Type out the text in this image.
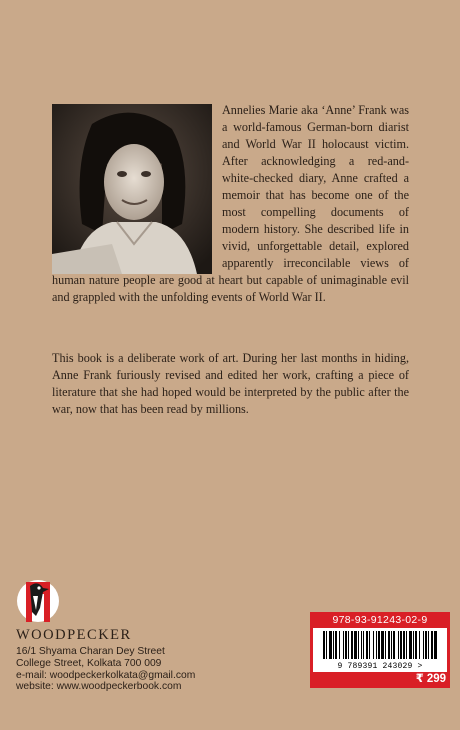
Annelies Marie aka ‘Anne’ Frank was a world-famous German-born diarist and World War II holocaust victim. After acknowledging a red-and-white-checked diary, Anne crafted a memoir that has become one of the most compelling documents of modern history. She described life in vivid, unforgettable detail, explored apparently irreconcilable views of human nature people are good at heart but capable of unimaginable evil and grappled with the unfolding events of World War II.

This book is a deliberate work of art. During her last months in hiding, Anne Frank furiously revised and edited her work, crafting a piece of literature that she had hoped would be interpreted by the public after the war, now that has been read by millions.

WOODPECKER
16/1 Shyama Charan Dey Street
College Street, Kolkata 700 009
e-mail: woodpeckerkolkata@gmail.com
website: www.woodpeckerbook.com
978-93-91243-02-9
9 789391 243029 >
₹ 299
